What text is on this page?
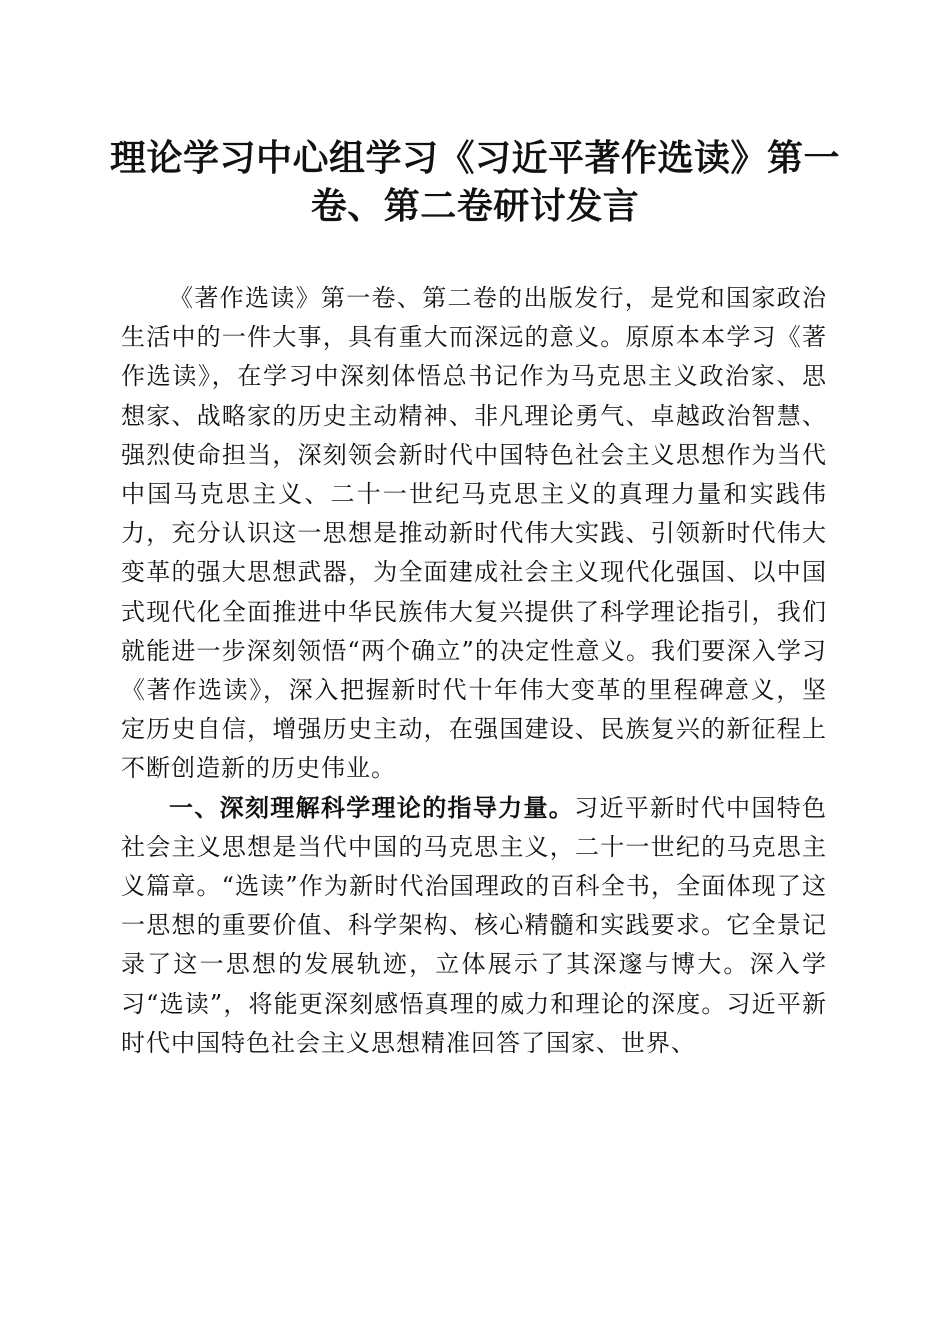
理论学习中心组学习《习近平著作选读》第一卷、第二卷研讨发言

《著作选读》第一卷、第二卷的出版发行，是党和国家政治生活中的一件大事，具有重大而深远的意义。原原本本学习《著作选读》，在学习中深刻体悟总书记作为马克思主义政治家、思想家、战略家的历史主动精神、非凡理论勇气、卓越政治智慧、强烈使命担当，深刻领会新时代中国特色社会主义思想作为当代中国马克思主义、二十一世纪马克思主义的真理力量和实践伟力，充分认识这一思想是推动新时代伟大实践、引领新时代伟大变革的强大思想武器，为全面建成社会主义现代化强国、以中国式现代化全面推进中华民族伟大复兴提供了科学理论指引，我们就能进一步深刻领悟“两个确立”的决定性意义。我们要深入学习《著作选读》，深入把握新时代十年伟大变革的里程碑意义，坚定历史自信，增强历史主动，在强国建设、民族复兴的新征程上不断创造新的历史伟业。

一、深刻理解科学理论的指导力量。习近平新时代中国特色社会主义思想是当代中国的马克思主义，二十一世纪的马克思主义篇章。“选读”作为新时代治国理政的百科全书，全面体现了这一思想的重要价值、科学架构、核心精髓和实践要求。它全景记录了这一思想的发展轨迹，立体展示了其深邃与博大。深入学习“选读”，将能更深刻感悟真理的威力和理论的深度。习近平新时代中国特色社会主义思想精准回答了国家、世界、
